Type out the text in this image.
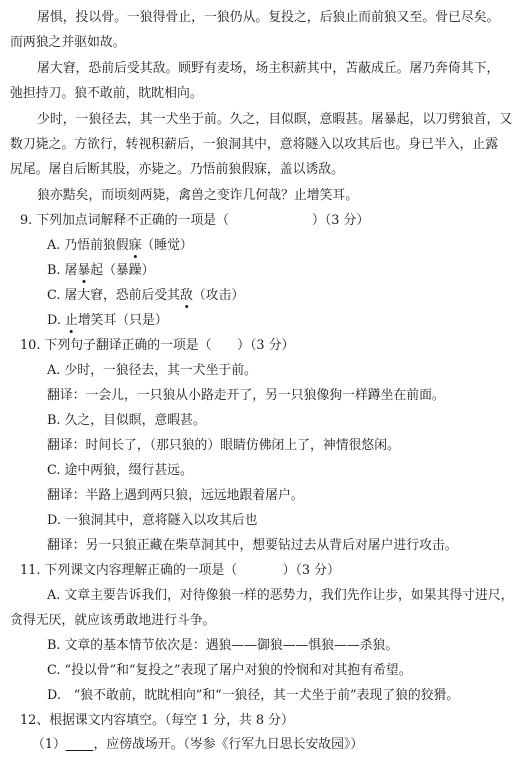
屠惧，投以骨。一狼得骨止，一狼仍从。复投之，后狼止而前狼又至。骨已尽矣。
而两狼之并驱如故。
屠大窘，恐前后受其敌。顾野有麦场，场主积薪其中，苫蔽成丘。屠乃奔倚其下，
弛担持刀。狼不敢前，眈眈相向。
少时，一狼径去，其一犬坐于前。久之，目似瞑，意暇甚。屠暴起，以刀劈狼首，又
数刀毙之。方欲行，转视积薪后，一狼洞其中，意将隧入以攻其后也。身已半入，止露
尻尾。屠自后断其股，亦毙之。乃悟前狼假寐，盖以诱敌。
狼亦黠矣，而顷刻两毙，禽兽之变诈几何哉？止增笑耳。
9. 下列加点词解释不正确的一项是（	）（3 分）
A. 乃悟前狼假寐（睡觉）
B. 屠暴起（暴躁）
C. 屠大窘，恐前后受其敌（攻击）
D. 止增笑耳（只是）
10. 下列句子翻译正确的一项是（　　）（3 分）
A. 少时，一狼径去，其一犬坐于前。
翻译：一会儿，一只狼从小路走开了，另一只狼像狗一样蹲坐在前面。
B. 久之，目似瞑，意暇甚。
翻译：时间长了，（那只狼的）眼睛仿佛闭上了，神情很悠闲。
C. 途中两狼，缀行甚远。
翻译：半路上遇到两只狼，远远地跟着屠户。
D. 一狼洞其中，意将隧入以攻其后也
翻译：另一只狼正藏在柴草洞其中，想要钻过去从背后对屠户进行攻击。
11. 下列课文内容理解正确的一项是（	）（3 分）
A. 文章主要告诉我们，对待像狼一样的恶势力，我们先作让步，如果其得寸进尺，
贪得无厌，就应该勇敢地进行斗争。
B. 文章的基本情节依次是：遇狼——御狼——惧狼——杀狼。
C. “投以骨”和“复投之”表现了屠户对狼的怜悯和对其抱有希望。
D.　“狼不敢前，眈眈相向”和“一狼径，其一犬坐于前”表现了狼的狡猾。
12、根据课文内容填空。（每空 1 分，共 8 分）
（1） ，应傍战场开。（岑参《行军九日思长安故园》）
